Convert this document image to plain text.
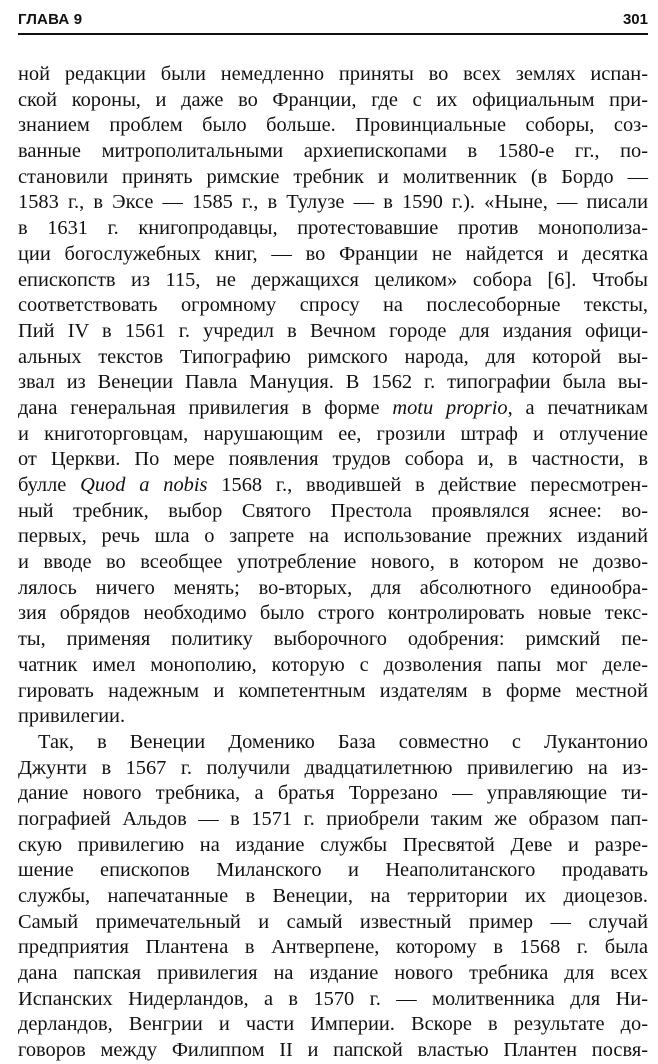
ГЛАВА 9	301
ной редакции были немедленно приняты во всех землях испан-
ской короны, и даже во Франции, где с их официальным при-
знанием проблем было больше. Провинциальные соборы, соз-
ванные митрополитальными архиепископами в 1580-е гг., по-
становили принять римские требник и молитвенник (в Бордо —
1583 г., в Эксе — 1585 г., в Тулузе — в 1590 г.). «Ныне, — писали
в 1631 г. книгопродавцы, протестовавшие против монополиза-
ции богослужебных книг, — во Франции не найдется и десятка
епископств из 115, не держащихся целиком» собора [6]. Чтобы
соответствовать огромному спросу на послесоборные тексты,
Пий IV в 1561 г. учредил в Вечном городе для издания офици-
альных текстов Типографию римского народа, для которой вы-
звал из Венеции Павла Мануция. В 1562 г. типографии была вы-
дана генеральная привилегия в форме motu proprio, а печатникам
и книготорговцам, нарушающим ее, грозили штраф и отлучение
от Церкви. По мере появления трудов собора и, в частности, в
булле Quod a nobis 1568 г., вводившей в действие пересмотрен-
ный требник, выбор Святого Престола проявлялся яснее: во-
первых, речь шла о запрете на использование прежних изданий
и вводе во всеобщее употребление нового, в котором не дозво-
лялось ничего менять; во-вторых, для абсолютного единообра-
зия обрядов необходимо было строго контролировать новые текс-
ты, применяя политику выборочного одобрения: римский пе-
чатник имел монополию, которую с дозволения папы мог деле-
гировать надежным и компетентным издателям в форме местной
привилегии.
Так, в Венеции Доменико База совместно с Лукантонио
Джунти в 1567 г. получили двадцатилетнюю привилегию на из-
дание нового требника, а братья Торрезано — управляющие ти-
пографией Альдов — в 1571 г. приобрели таким же образом пап-
скую привилегию на издание службы Пресвятой Деве и разре-
шение епископов Миланского и Неаполитанского продавать
службы, напечатанные в Венеции, на территории их диоцезов.
Самый примечательный и самый известный пример — случай
предприятия Плантена в Антверпене, которому в 1568 г. была
дана папская привилегия на издание нового требника для всех
Испанских Нидерландов, а в 1570 г. — молитвенника для Ни-
дерландов, Венгрии и части Империи. Вскоре в результате до-
говоров между Филиппом II и папской властью Плантен посвя-
